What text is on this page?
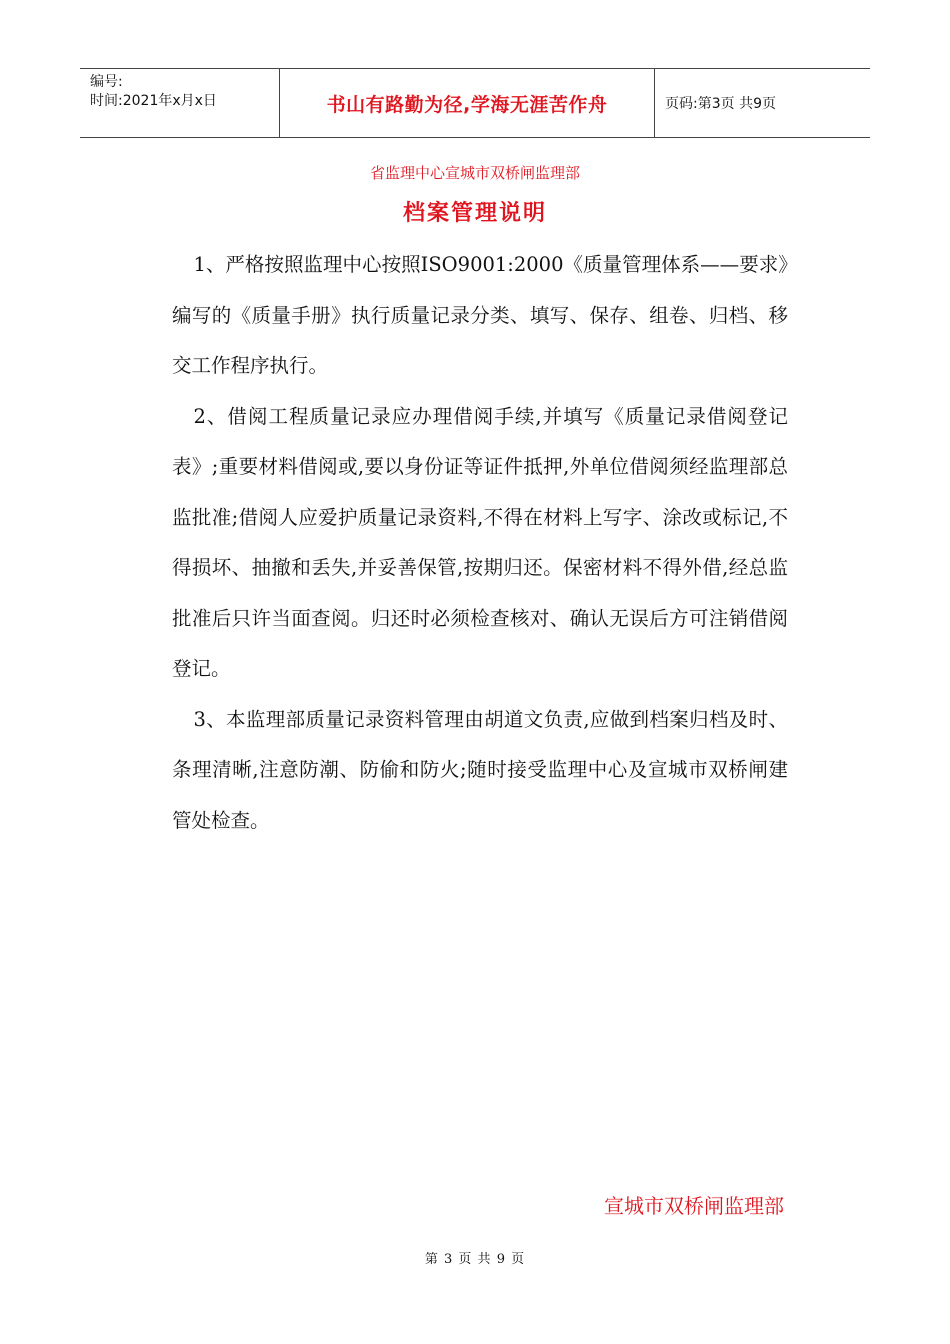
编号:
时间:2021年x月x日	书山有路勤为径,学海无涯苦作舟	页码:第3页 共9页
省监理中心宣城市双桥闸监理部
档案管理说明

1、严格按照监理中心按照ISO9001:2000《质量管理体系——要求》编写的《质量手册》执行质量记录分类、填写、保存、组卷、归档、移交工作程序执行。

2、借阅工程质量记录应办理借阅手续,并填写《质量记录借阅登记表》;重要材料借阅或,要以身份证等证件抵押,外单位借阅须经监理部总监批准;借阅人应爱护质量记录资料,不得在材料上写字、涂改或标记,不得损坏、抽撤和丢失,并妥善保管,按期归还。保密材料不得外借,经总监批准后只许当面查阅。归还时必须检查核对、确认无误后方可注销借阅登记。

3、本监理部质量记录资料管理由胡道文负责,应做到档案归档及时、条理清晰,注意防潮、防偷和防火;随时接受监理中心及宣城市双桥闸建管处检查。

宣城市双桥闸监理部
第 3 页 共 9 页
